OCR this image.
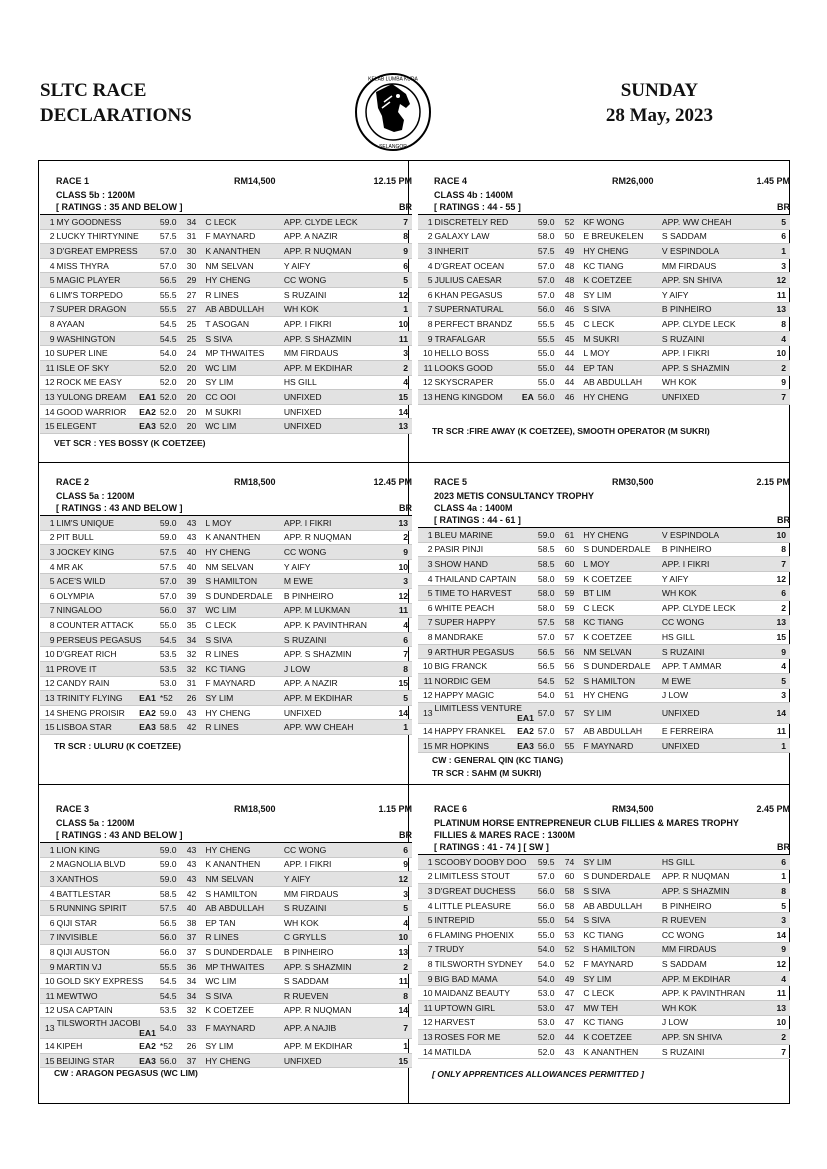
SLTC RACE
DECLARATIONS
KELAB LUMBA KUDA
SELANGOR
SUNDAY
28 May, 2023
RACE 1	RM14,500	12.15 PM
CLASS 5b : 1200M
[ RATINGS : 35 AND BELOW ]	BR
1	MY GOODNESS	59.0	34	C LECK	APP. CLYDE LECK	7
2	LUCKY THIRTYNINE	57.5	31	F MAYNARD	APP. A NAZIR	8
3	D'GREAT EMPRESS	57.0	30	K ANANTHEN	APP. R NUQMAN	9
4	MISS THYRA	57.0	30	NM SELVAN	Y AIFY	6
5	MAGIC PLAYER	56.5	29	HY CHENG	CC WONG	5
6	LIM'S TORPEDO	55.5	27	R LINES	S RUZAINI	12
7	SUPER DRAGON	55.5	27	AB ABDULLAH	WH KOK	1
8	AYAAN	54.5	25	T ASOGAN	APP. I FIKRI	10
9	WASHINGTON	54.5	25	S SIVA	APP. S SHAZMIN	11
10	SUPER LINE	54.0	24	MP THWAITES	MM FIRDAUS	3
11	ISLE OF SKY	52.0	20	WC LIM	APP. M EKDIHAR	2
12	ROCK ME EASY	52.0	20	SY LIM	HS GILL	4
13	YULONG DREAM EA1	52.0	20	CC OOI	UNFIXED	15
14	GOOD WARRIOR EA2	52.0	20	M SUKRI	UNFIXED	14
15	ELEGENT EA3	52.0	20	WC LIM	UNFIXED	13
VET SCR : YES BOSSY (K COETZEE)
RACE 4	RM26,000	1.45 PM
CLASS 4b : 1400M
[ RATINGS : 44 - 55 ]	BR
1	DISCRETELY RED	59.0	52	KF WONG	APP. WW CHEAH	5
2	GALAXY LAW	58.0	50	E BREUKELEN	S SADDAM	6
3	INHERIT	57.5	49	HY CHENG	V ESPINDOLA	1
4	D'GREAT OCEAN	57.0	48	KC TIANG	MM FIRDAUS	3
5	JULIUS CAESAR	57.0	48	K COETZEE	APP. SN SHIVA	12
6	KHAN PEGASUS	57.0	48	SY LIM	Y AIFY	11
7	SUPERNATURAL	56.0	46	S SIVA	B PINHEIRO	13
8	PERFECT BRANDZ	55.5	45	C LECK	APP. CLYDE LECK	8
9	TRAFALGAR	55.5	45	M SUKRI	S RUZAINI	4
10	HELLO BOSS	55.0	44	L MOY	APP. I FIKRI	10
11	LOOKS GOOD	55.0	44	EP TAN	APP. S SHAZMIN	2
12	SKYSCRAPER	55.0	44	AB ABDULLAH	WH KOK	9
13	HENG KINGDOM EA	56.0	46	HY CHENG	UNFIXED	7
TR SCR :FIRE AWAY (K COETZEE), SMOOTH OPERATOR (M SUKRI)
RACE 2	RM18,500	12.45 PM
CLASS 5a : 1200M
[ RATINGS : 43 AND BELOW ]	BR
1	LIM'S UNIQUE	59.0	43	L MOY	APP. I FIKRI	13
2	PIT BULL	59.0	43	K ANANTHEN	APP. R NUQMAN	2
3	JOCKEY KING	57.5	40	HY CHENG	CC WONG	9
4	MR AK	57.5	40	NM SELVAN	Y AIFY	10
5	ACE'S WILD	57.0	39	S HAMILTON	M EWE	3
6	OLYMPIA	57.0	39	S DUNDERDALE	B PINHEIRO	12
7	NINGALOO	56.0	37	WC LIM	APP. M LUKMAN	11
8	COUNTER ATTACK	55.0	35	C LECK	APP. K PAVINTHRAN	4
9	PERSEUS PEGASUS	54.5	34	S SIVA	S RUZAINI	6
10	D'GREAT RICH	53.5	32	R LINES	APP. S SHAZMIN	7
11	PROVE IT	53.5	32	KC TIANG	J LOW	8
12	CANDY RAIN	53.0	31	F MAYNARD	APP. A NAZIR	15
13	TRINITY FLYING EA1	*52	26	SY LIM	APP. M EKDIHAR	5
14	SHENG PROISIR EA2	59.0	43	HY CHENG	UNFIXED	14
15	LISBOA STAR EA3	58.5	42	R LINES	APP. WW CHEAH	1
TR SCR : ULURU (K COETZEE)
RACE 5	RM30,500	2.15 PM
2023 METIS CONSULTANCY TROPHY
CLASS 4a : 1400M
[ RATINGS : 44 - 61 ]	BR
1	BLEU MARINE	59.0	61	HY CHENG	V ESPINDOLA	10
2	PASIR PINJI	58.5	60	S DUNDERDALE	B PINHEIRO	8
3	SHOW HAND	58.5	60	L MOY	APP. I FIKRI	7
4	THAILAND CAPTAIN	58.0	59	K COETZEE	Y AIFY	12
5	TIME TO HARVEST	58.0	59	BT LIM	WH KOK	6
6	WHITE PEACH	58.0	59	C LECK	APP. CLYDE LECK	2
7	SUPER HAPPY	57.5	58	KC TIANG	CC WONG	13
8	MANDRAKE	57.0	57	K COETZEE	HS GILL	15
9	ARTHUR PEGASUS	56.5	56	NM SELVAN	S RUZAINI	9
10	BIG FRANCK	56.5	56	S DUNDERDALE	APP. T AMMAR	4
11	NORDIC GEM	54.5	52	S HAMILTON	M EWE	5
12	HAPPY MAGIC	54.0	51	HY CHENG	J LOW	3
13	LIMITLESS VENTURE
EA1	57.0	57	SY LIM	UNFIXED	14
14	HAPPY FRANKEL EA2	57.0	57	AB ABDULLAH	E FERREIRA	11
15	MR HOPKINS EA3	56.0	55	F MAYNARD	UNFIXED	1
CW : GENERAL QIN (KC TIANG)
TR SCR : SAHM (M SUKRI)
RACE 3	RM18,500	1.15 PM
CLASS 5a : 1200M
[ RATINGS : 43 AND BELOW ]	BR
1	LION KING	59.0	43	HY CHENG	CC WONG	6
2	MAGNOLIA BLVD	59.0	43	K ANANTHEN	APP. I FIKRI	9
3	XANTHOS	59.0	43	NM SELVAN	Y AIFY	12
4	BATTLESTAR	58.5	42	S HAMILTON	MM FIRDAUS	3
5	RUNNING SPIRIT	57.5	40	AB ABDULLAH	S RUZAINI	5
6	QIJI STAR	56.5	38	EP TAN	WH KOK	4
7	INVISIBLE	56.0	37	R LINES	C GRYLLS	10
8	QIJI AUSTON	56.0	37	S DUNDERDALE	B PINHEIRO	13
9	MARTIN VJ	55.5	36	MP THWAITES	APP. S SHAZMIN	2
10	GOLD SKY EXPRESS	54.5	34	WC LIM	S SADDAM	11
11	MEWTWO	54.5	34	S SIVA	R RUEVEN	8
12	USA CAPTAIN	53.5	32	K COETZEE	APP. R NUQMAN	14
13	TILSWORTH JACOBI
EA1	54.0	33	F MAYNARD	APP. A NAJIB	7
14	KIPEH EA2	*52	26	SY LIM	APP. M EKDIHAR	1
15	BEIJING STAR EA3	56.0	37	HY CHENG	UNFIXED	15
CW : ARAGON PEGASUS (WC LIM)
RACE 6	RM34,500	2.45 PM
PLATINUM HORSE ENTREPRENEUR CLUB FILLIES & MARES TROPHY
FILLIES & MARES RACE : 1300M
[ RATINGS : 41 - 74 ] [ SW ]	BR
1	SCOOBY DOOBY DOO	59.5	74	SY LIM	HS GILL	6
2	LIMITLESS STOUT	57.0	60	S DUNDERDALE	APP. R NUQMAN	1
3	D'GREAT DUCHESS	56.0	58	S SIVA	APP. S SHAZMIN	8
4	LITTLE PLEASURE	56.0	58	AB ABDULLAH	B PINHEIRO	5
5	INTREPID	55.0	54	S SIVA	R RUEVEN	3
6	FLAMING PHOENIX	55.0	53	KC TIANG	CC WONG	14
7	TRUDY	54.0	52	S HAMILTON	MM FIRDAUS	9
8	TILSWORTH SYDNEY	54.0	52	F MAYNARD	S SADDAM	12
9	BIG BAD MAMA	54.0	49	SY LIM	APP. M EKDIHAR	4
10	MAIDANZ BEAUTY	53.0	47	C LECK	APP. K PAVINTHRAN	11
11	UPTOWN GIRL	53.0	47	MW TEH	WH KOK	13
12	HARVEST	53.0	47	KC TIANG	J LOW	10
13	ROSES FOR ME	52.0	44	K COETZEE	APP. SN SHIVA	2
14	MATILDA	52.0	43	K ANANTHEN	S RUZAINI	7
[ ONLY APPRENTICES ALLOWANCES PERMITTED ]
